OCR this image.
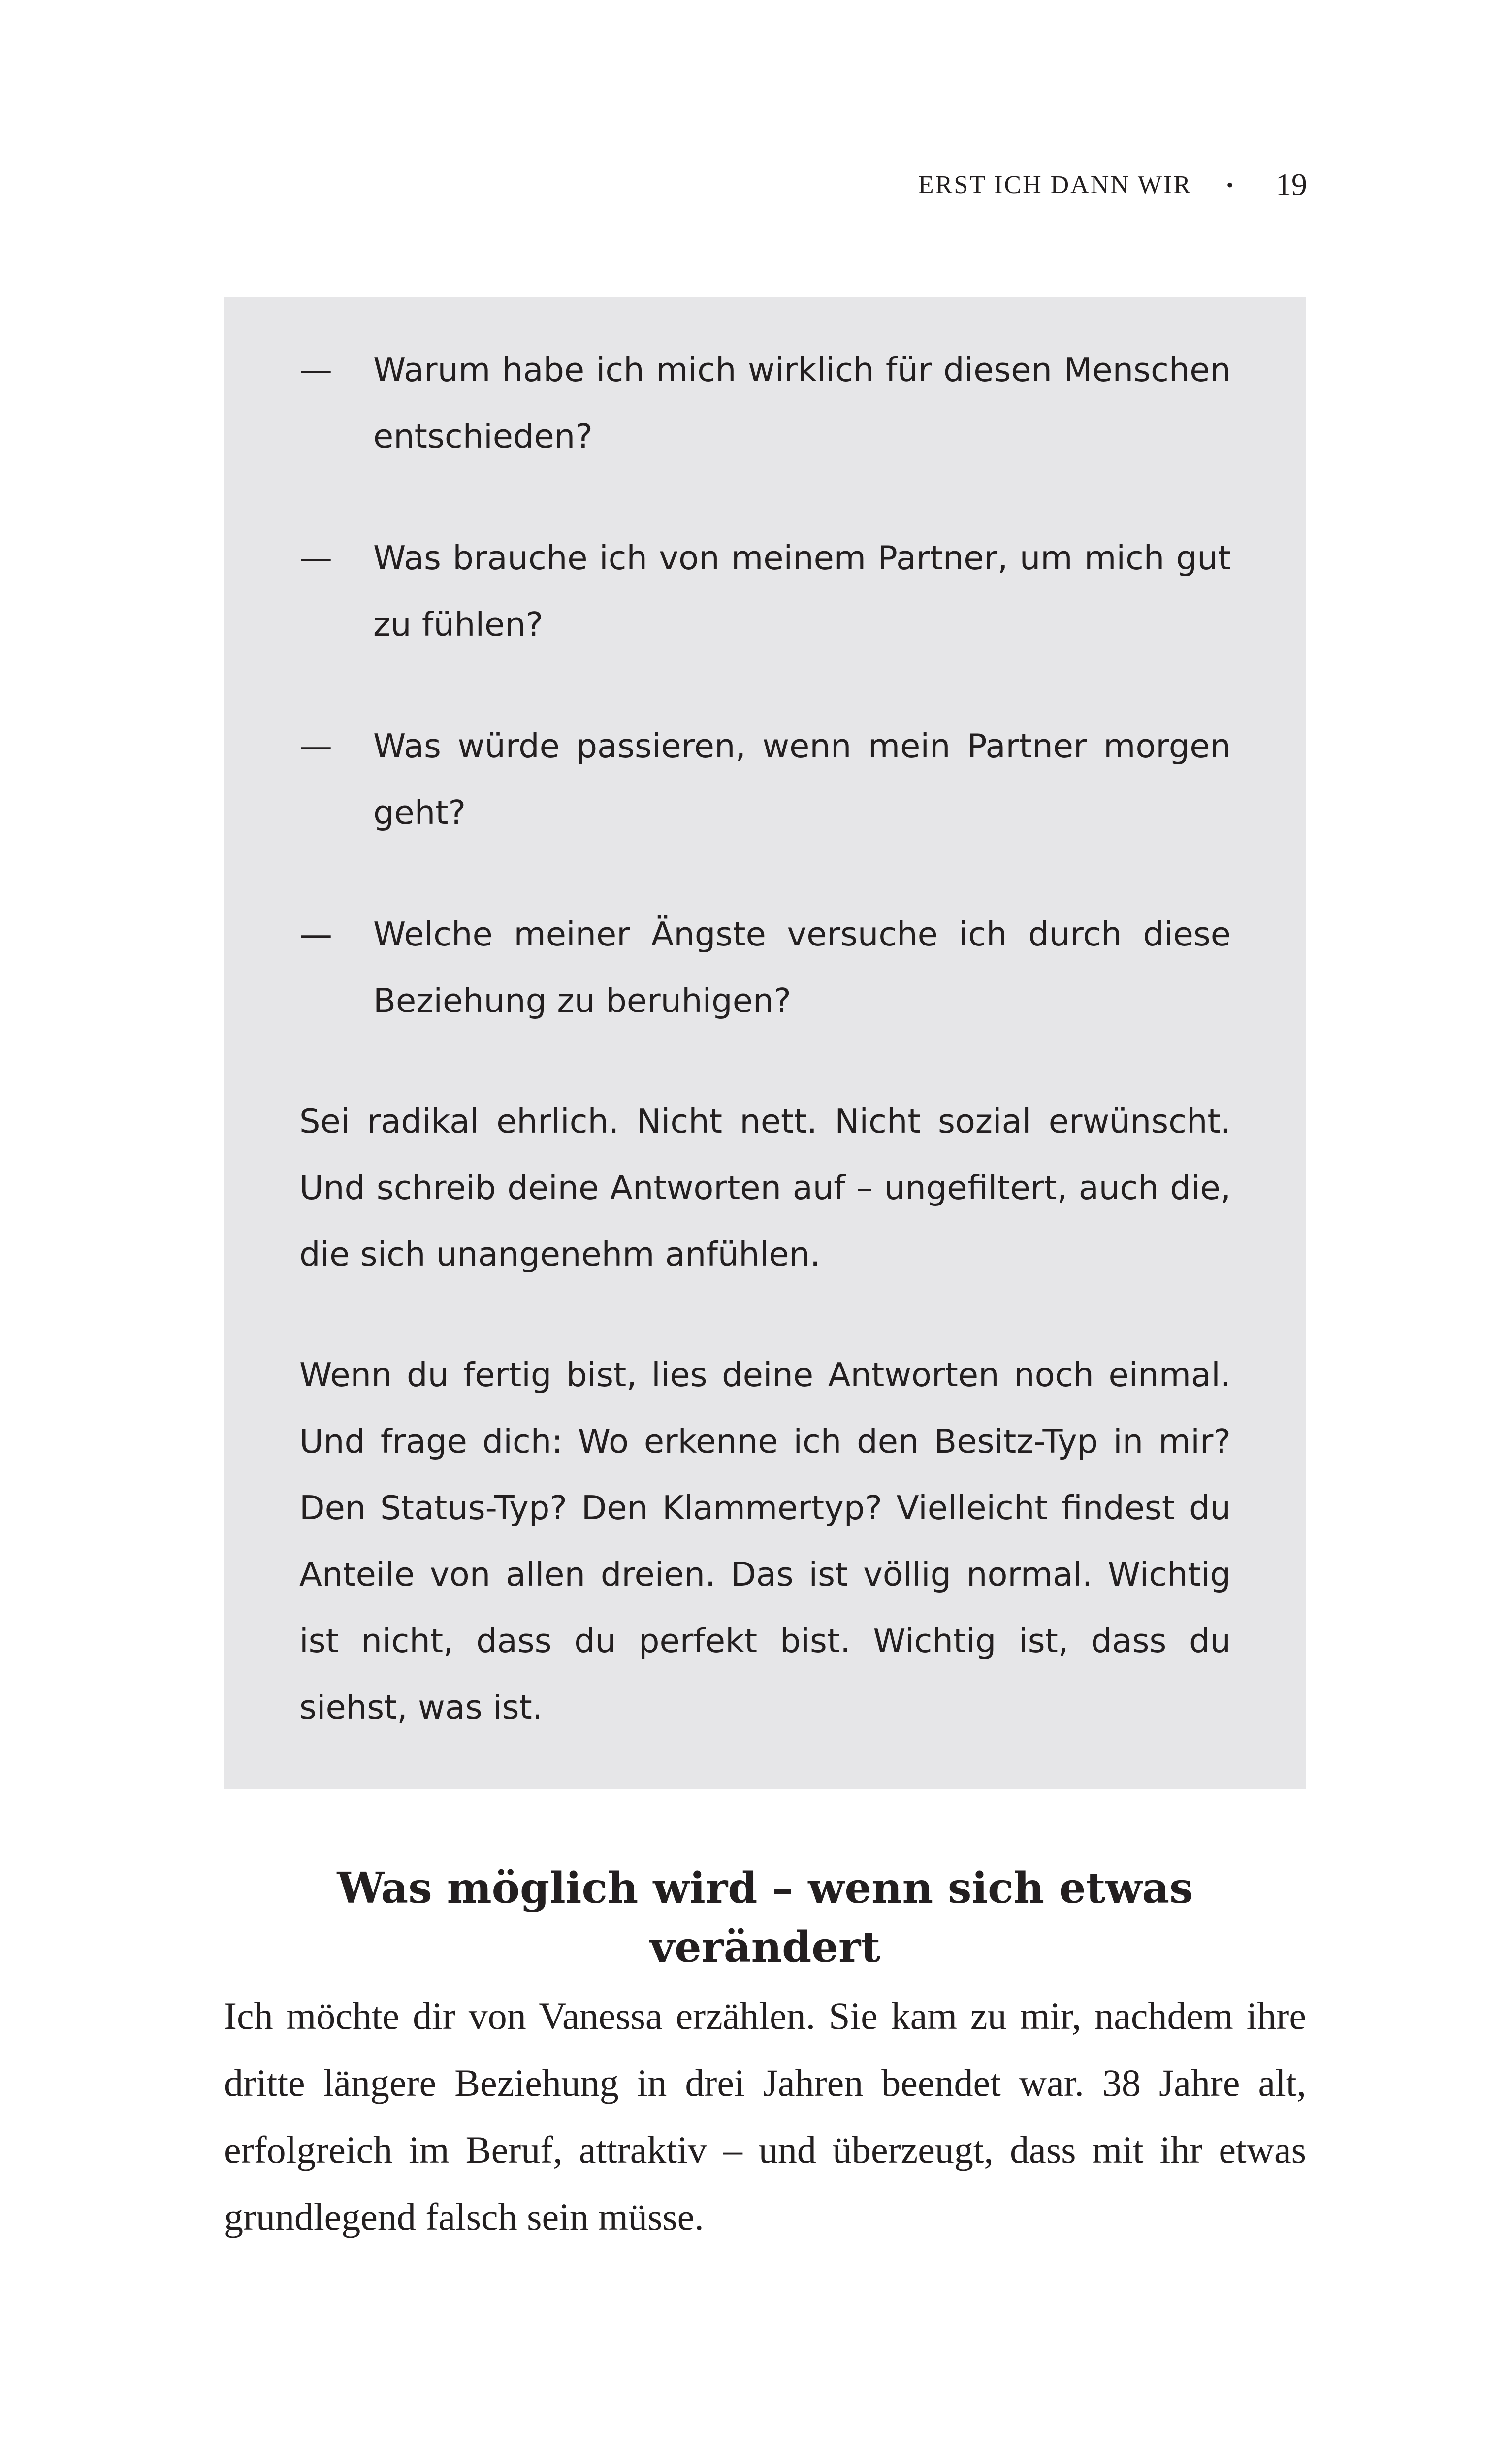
ERST ICH DANN WIR • 19
— Warum habe ich mich wirklich für diesen Menschen entschieden?
— Was brauche ich von meinem Partner, um mich gut zu fühlen?
— Was würde passieren, wenn mein Partner morgen geht?
— Welche meiner Ängste versuche ich durch diese Beziehung zu beruhigen?

Sei radikal ehrlich. Nicht nett. Nicht sozial erwünscht. Und schreib deine Antworten auf – ungefiltert, auch die, die sich unangenehm anfühlen.

Wenn du fertig bist, lies deine Antworten noch einmal. Und frage dich: Wo erkenne ich den Besitz-Typ in mir? Den Status-Typ? Den Klammertyp? Vielleicht findest du Anteile von allen dreien. Das ist völlig normal. Wichtig ist nicht, dass du perfekt bist. Wichtig ist, dass du siehst, was ist.

Was möglich wird – wenn sich etwas verändert

Ich möchte dir von Vanessa erzählen. Sie kam zu mir, nachdem ihre dritte längere Beziehung in drei Jahren beendet war. 38 Jahre alt, erfolgreich im Beruf, attraktiv – und überzeugt, dass mit ihr etwas grundlegend falsch sein müsse.
